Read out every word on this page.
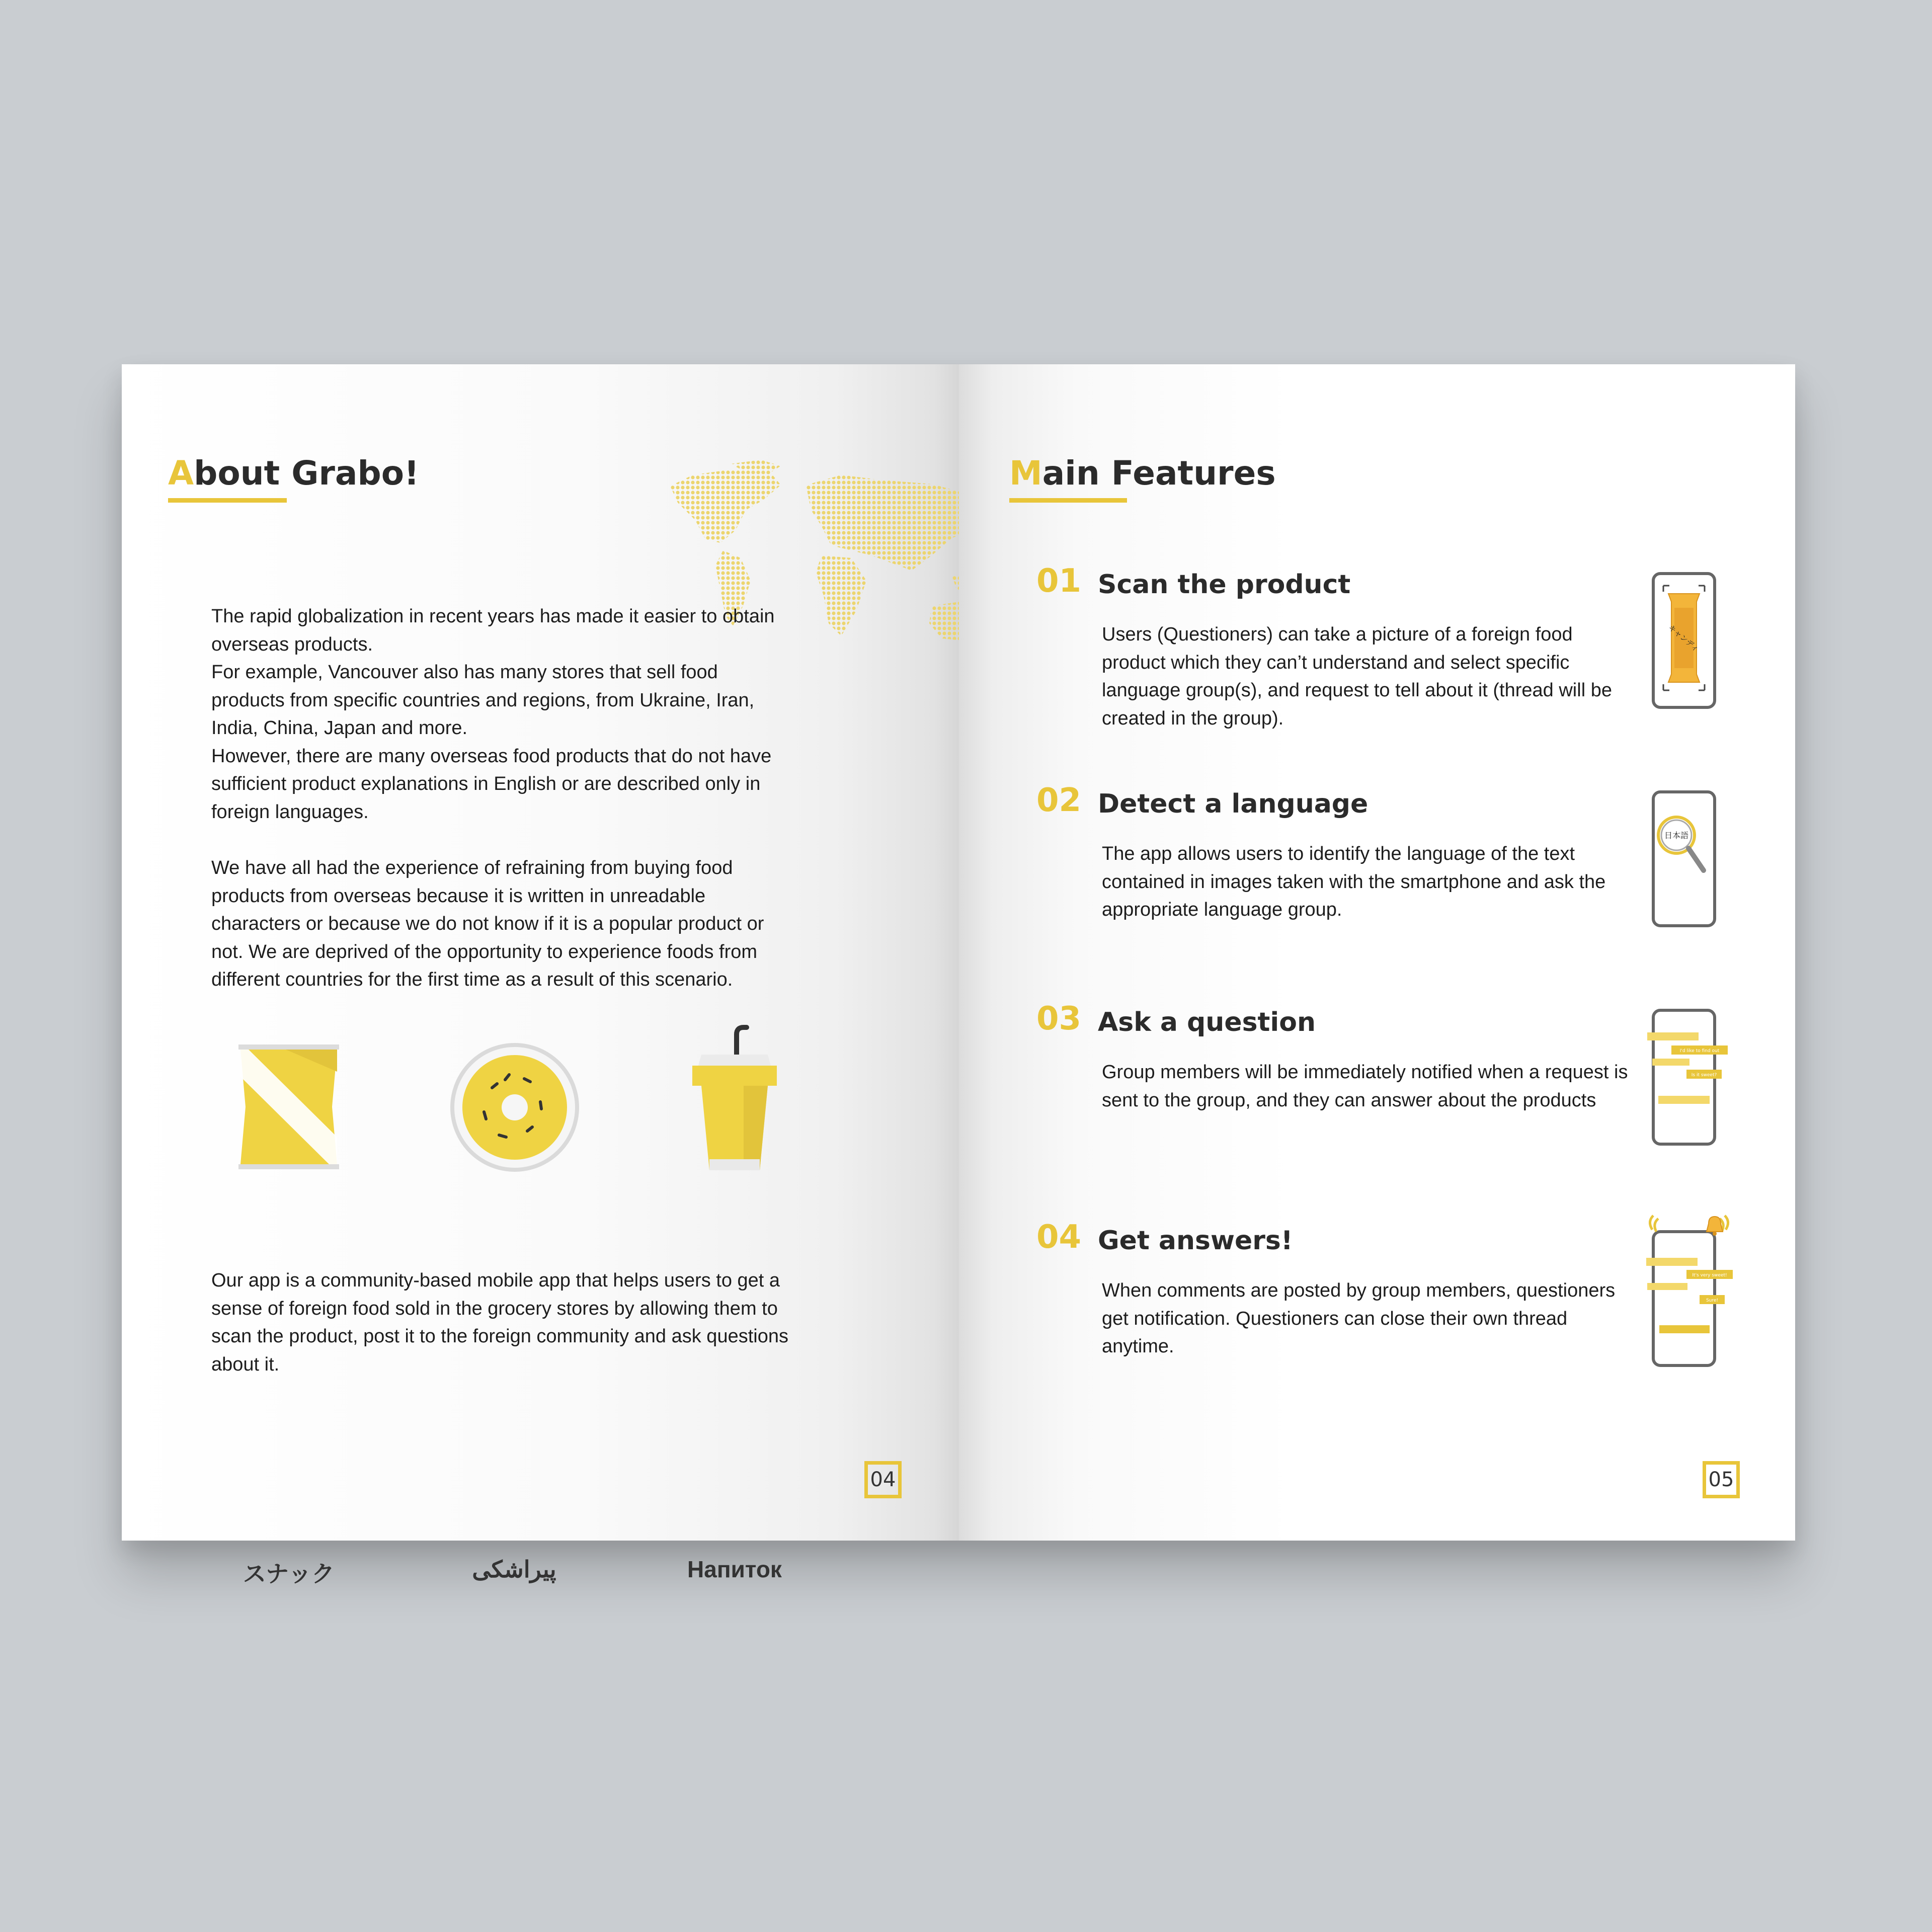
About Grabo!

The rapid globalization in recent years has made it easier to obtain
overseas products.
For example, Vancouver also has many stores that sell food
products from specific countries and regions, from Ukraine, Iran,
India, China, Japan and more.
However, there are many overseas food products that do not have
sufficient product explanations in English or are described only in
foreign languages.

We have all had the experience of refraining from buying food
products from overseas because it is written in unreadable
characters or because we do not know if it is a popular product or
not. We are deprived of the opportunity to experience foods from
different countries for the first time as a result of this scenario.

スナック	پیراشکی	Напиток

Our app is a community-based mobile app that helps users to get a
sense of foreign food sold in the grocery stores by allowing them to
scan the product, post it to the foreign community and ask questions
about it.

04
Main Features

01 Scan the product

Users (Questioners) can take a picture of a foreign food product which they can’t understand and select specific language group(s), and request to tell about it (thread will be created in the group).

キャンディ

02 Detect a language

The app allows users to identify the language of the text contained in images taken with the smartphone and ask the appropriate language group.

日本語

03 Ask a question

Group members will be immediately notified when a request is sent to the group, and they can answer about the products

I'd like to find out
Is it sweet?

04 Get answers!

When comments are posted by group members, questioners get notification. Questioners can close their own thread anytime.

It's very sweet!
Sure!
05
